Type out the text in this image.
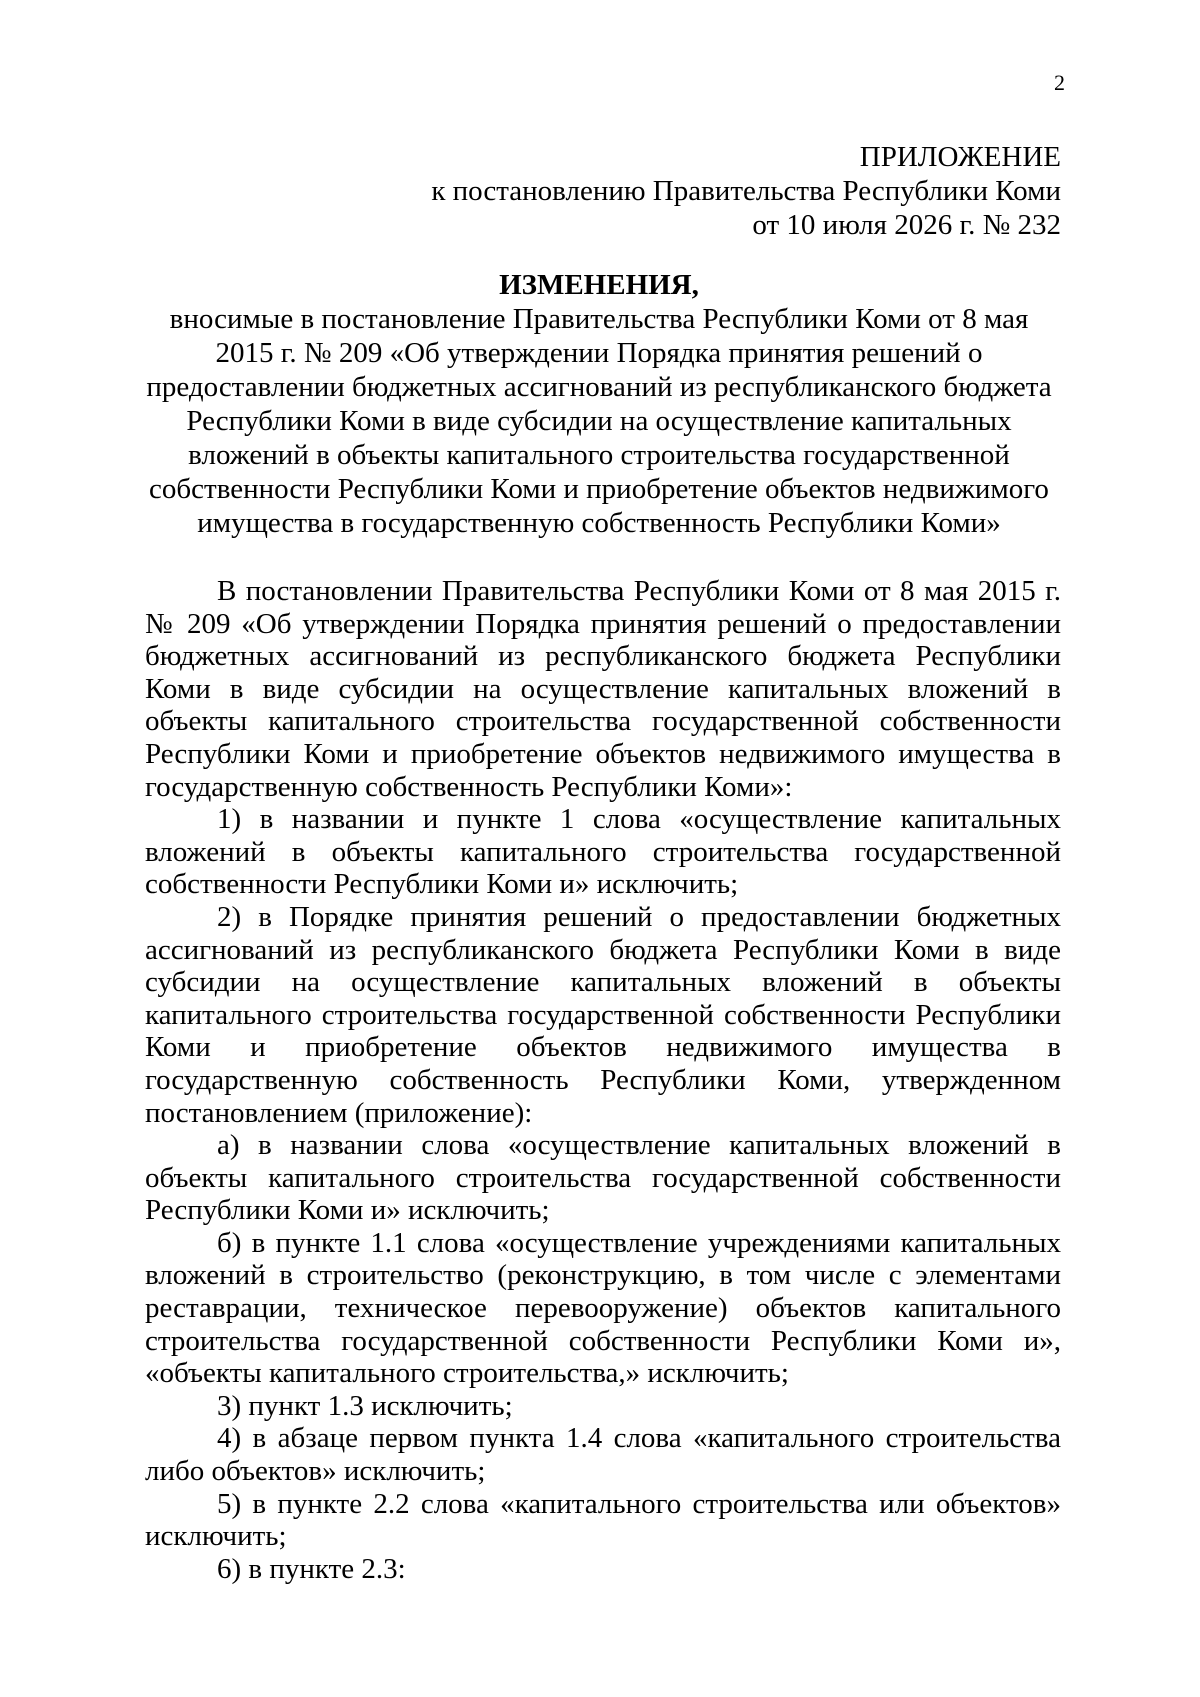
2
ПРИЛОЖЕНИЕ
к постановлению Правительства Республики Коми
от 10 июля 2026 г. № 232
ИЗМЕНЕНИЯ,
вносимые в постановление Правительства Республики Коми от 8 мая 2015 г. № 209 «Об утверждении Порядка принятия решений о предоставлении бюджетных ассигнований из республиканского бюджета Республики Коми в виде субсидии на осуществление капитальных вложений в объекты капитального строительства государственной собственности Республики Коми и приобретение объектов недвижимого имущества в государственную собственность Республики Коми»

В постановлении Правительства Республики Коми от 8 мая 2015 г. № 209 «Об утверждении Порядка принятия решений о предоставлении бюджетных ассигнований из республиканского бюджета Республики Коми в виде субсидии на осуществление капитальных вложений в объекты капитального строительства государственной собственности Республики Коми и приобретение объектов недвижимого имущества в государственную собственность Республики Коми»:

1) в названии и пункте 1 слова «осуществление капитальных вложений в объекты капитального строительства государственной собственности Республики Коми и» исключить;

2) в Порядке принятия решений о предоставлении бюджетных ассигнований из республиканского бюджета Республики Коми в виде субсидии на осуществление капитальных вложений в объекты капитального строительства государственной собственности Республики Коми и приобретение объектов недвижимого имущества в государственную собственность Республики Коми, утвержденном постановлением (приложение):

а) в названии слова «осуществление капитальных вложений в объекты капитального строительства государственной собственности Республики Коми и» исключить;

б) в пункте 1.1 слова «осуществление учреждениями капитальных вложений в строительство (реконструкцию, в том числе с элементами реставрации, техническое перевооружение) объектов капитального строительства государственной собственности Республики Коми и», «объекты капитального строительства,» исключить;

3) пункт 1.3 исключить;

4) в абзаце первом пункта 1.4 слова «капитального строительства либо объектов» исключить;

5) в пункте 2.2 слова «капитального строительства или объектов» исключить;

6) в пункте 2.3:
